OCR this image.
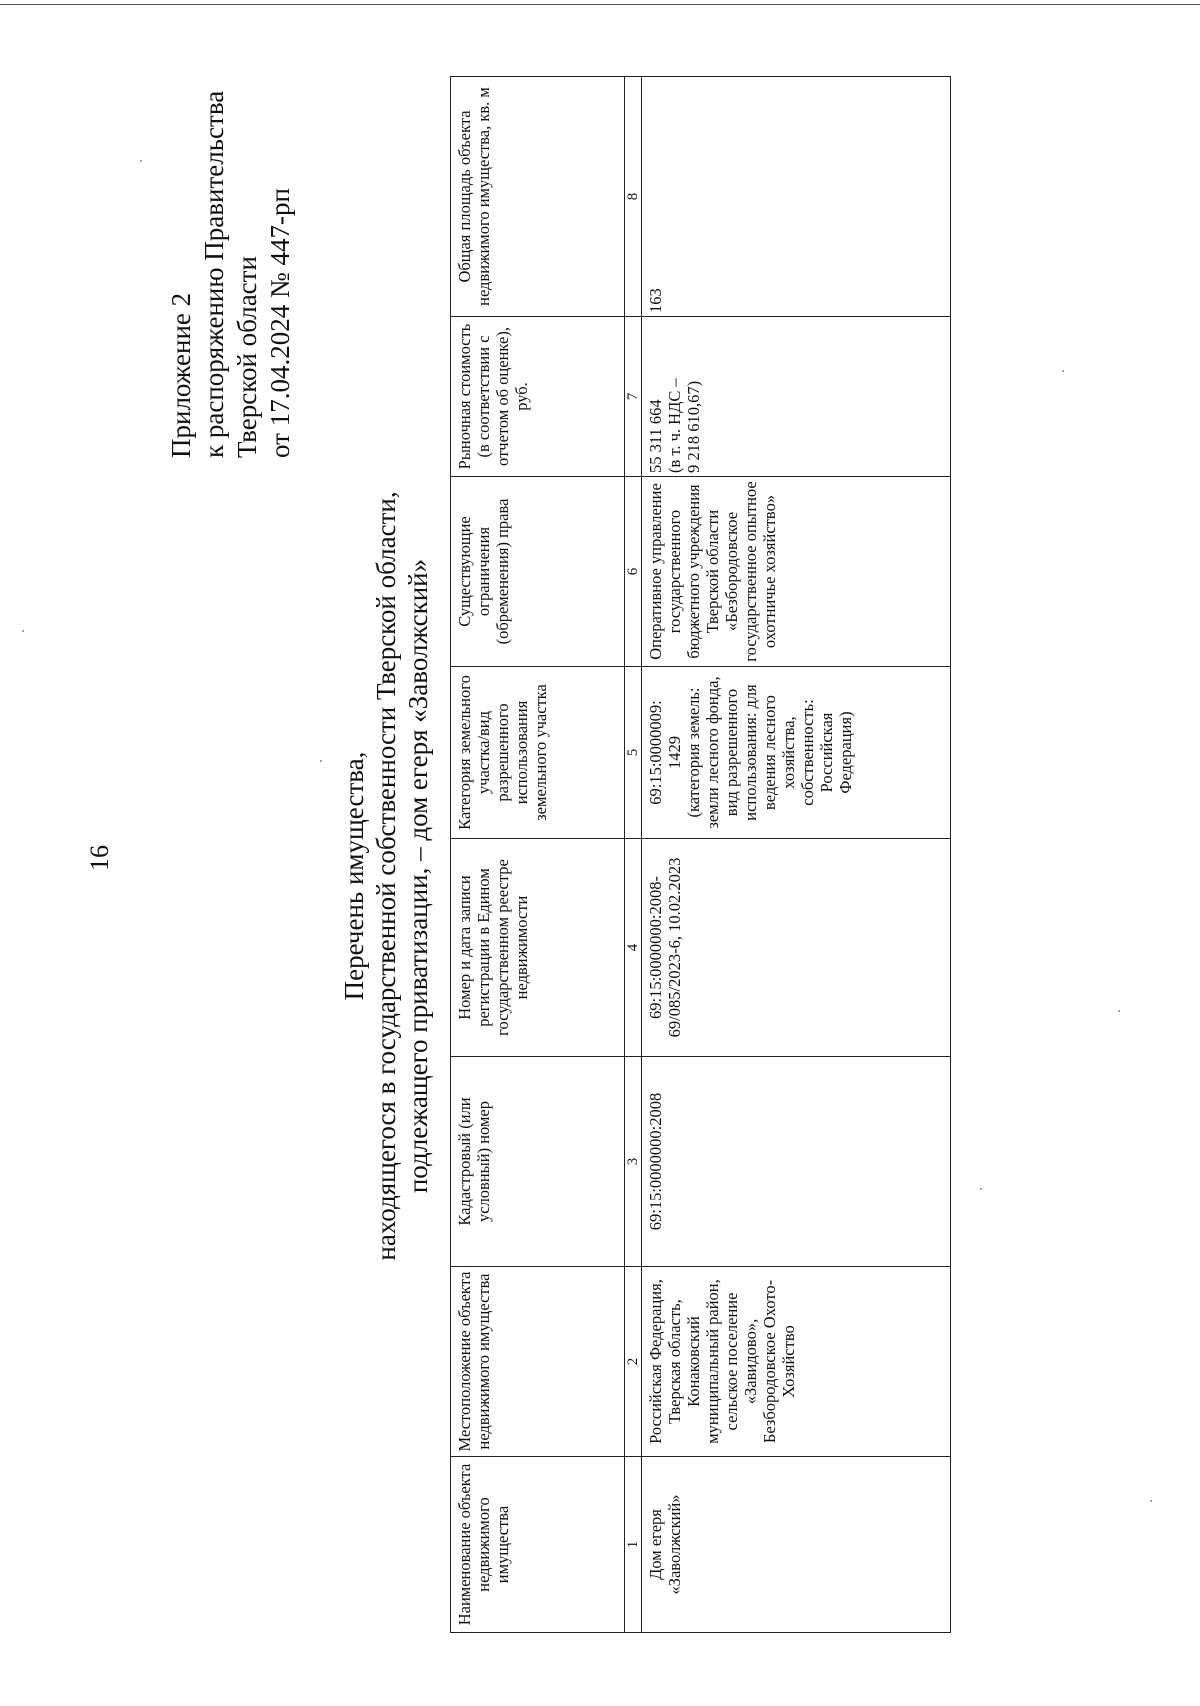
16
Приложение 2 к распоряжению Правительства Тверской области от 17.04.2024 № 447-рп
Перечень имущества, находящегося в государственной собственности Тверской области, подлежащего приватизации, – дом егеря «Заволжский»
Наименование объекта недвижимого имущества	Местоположение объекта недвижимого имущества	Кадастровый (или условный) номер	Номер и дата записи регистрации в Едином государственном реестре недвижимости	Категория земельного участка/вид разрешенного использования земельного участка	Существующие ограничения (обременения) права	Рыночная стоимость (в соответствии с отчетом об оценке), руб.	Общая площадь объекта недвижимого имущества, кв. м
1	2	3	4	5	6	7	8
Дом егеря «Заволжский»	Российская Федерация, Тверская область, Конаковский муниципальный район, сельское поселение «Завидово», Безбородовское Охото-Хозяйство	69:15:0000000:2008	69:15:0000000:2008-69/085/2023-6, 10.02.2023	69:15:0000009:
1429
(категория земель: земли лесного фонда, вид разрешенного использования: для ведения лесного хозяйства, собственность: Российская Федерация)	Оперативное управление государственного бюджетного учреждения Тверской области «Безбородовское государственное опытное охотничье хозяйство»	55 311 664
(в т. ч. НДС –
9 218 610,67)	163
